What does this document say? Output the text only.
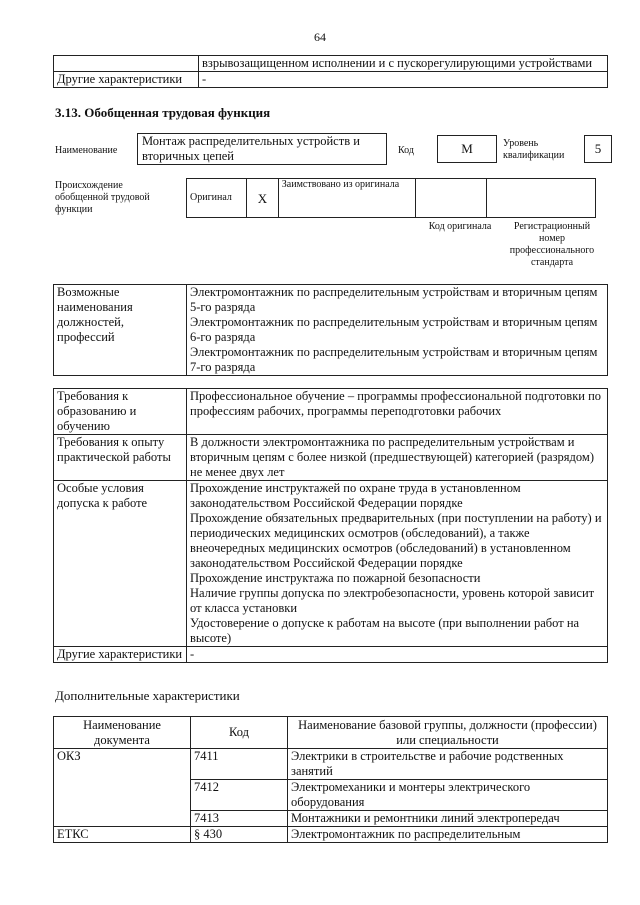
64
	взрывозащищенном исполнении и с пускорегулирующими устройствами
Другие характеристики	-
3.13. Обобщенная трудовая функция
Наименование
Монтаж распределительных устройств и вторичных цепей	Код	M	Уровень квалификации	5
Происхождение обобщенной трудовой функции
Оригинал	X	Заимствовано из оригинала		
Код оригинала	Регистрационный номер профессионального стандарта
Возможные наименования должностей, профессий	
Электромонтажник по распределительным устройствам и вторичным цепям 5-го разряда
Электромонтажник по распределительным устройствам и вторичным цепям 6-го разряда
Электромонтажник по распределительным устройствам и вторичным цепям 7-го разряда
Требования к образованию и обучению	Профессиональное обучение – программы профессиональной подготовки по профессиям рабочих, программы переподготовки рабочих
Требования к опыту практической работы	В должности электромонтажника по распределительным устройствам и вторичным цепям с более низкой (предшествующей) категорией (разрядом) не менее двух лет
Особые условия допуска к работе	Прохождение инструктажей по охране труда в установленном законодательством Российской Федерации порядке
Прохождение обязательных предварительных (при поступлении на работу) и периодических медицинских осмотров (обследований), а также внеочередных медицинских осмотров (обследований) в установленном законодательством Российской Федерации порядке
Прохождение инструктажа по пожарной безопасности
Наличие группы допуска по электробезопасности, уровень которой зависит от класса установки
Удостоверение о допуске к работам на высоте (при выполнении работ на высоте)

Другие характеристики	-
Дополнительные характеристики
Наименование документа	Код	Наименование базовой группы, должности (профессии) или специальности
ОКЗ	7411	Электрики в строительстве и рабочие родственных занятий
	7412	Электромеханики и монтеры электрического оборудования
	7413	Монтажники и ремонтники линий электропередач
ЕТКС	§ 430	Электромонтажник по распределительным
